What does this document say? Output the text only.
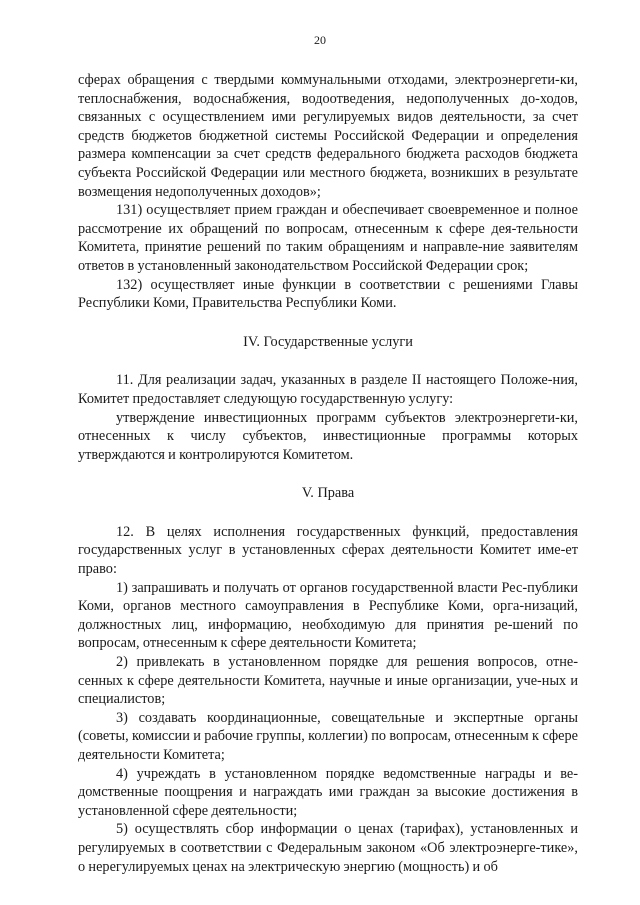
20

сферах обращения с твердыми коммунальными отходами, электроэнергети-ки, теплоснабжения, водоснабжения, водоотведения, недополученных до-ходов, связанных с осуществлением ими регулируемых видов деятельности, за счет средств бюджетов бюджетной системы Российской Федерации и определения размера компенсации за счет средств федерального бюджета расходов бюджета субъекта Российской Федерации или местного бюджета, возникших в результате возмещения недополученных доходов»;

131) осуществляет прием граждан и обеспечивает своевременное и полное рассмотрение их обращений по вопросам, отнесенным к сфере дея-тельности Комитета, принятие решений по таким обращениям и направле-ние заявителям ответов в установленный законодательством Российской Федерации срок;

132) осуществляет иные функции в соответствии с решениями Главы Республики Коми, Правительства Республики Коми.

IV. Государственные услуги

11. Для реализации задач, указанных в разделе II настоящего Положе-ния, Комитет предоставляет следующую государственную услугу:

утверждение инвестиционных программ субъектов электроэнергети-ки, отнесенных к числу субъектов, инвестиционные программы которых утверждаются и контролируются Комитетом.

V. Права

12. В целях исполнения государственных функций, предоставления государственных услуг в установленных сферах деятельности Комитет име-ет право:

1) запрашивать и получать от органов государственной власти Рес-публики Коми, органов местного самоуправления в Республике Коми, орга-низаций, должностных лиц, информацию, необходимую для принятия ре-шений по вопросам, отнесенным к сфере деятельности Комитета;

2) привлекать в установленном порядке для решения вопросов, отне-сенных к сфере деятельности Комитета, научные и иные организации, уче-ных и специалистов;

3) создавать координационные, совещательные и экспертные органы (советы, комиссии и рабочие группы, коллегии) по вопросам, отнесенным к сфере деятельности Комитета;

4) учреждать в установленном порядке ведомственные награды и ве-домственные поощрения и награждать ими граждан за высокие достижения в установленной сфере деятельности;

5) осуществлять сбор информации о ценах (тарифах), установленных и регулируемых в соответствии с Федеральным законом «Об электроэнерге-тике», о нерегулируемых ценах на электрическую энергию (мощность) и об
